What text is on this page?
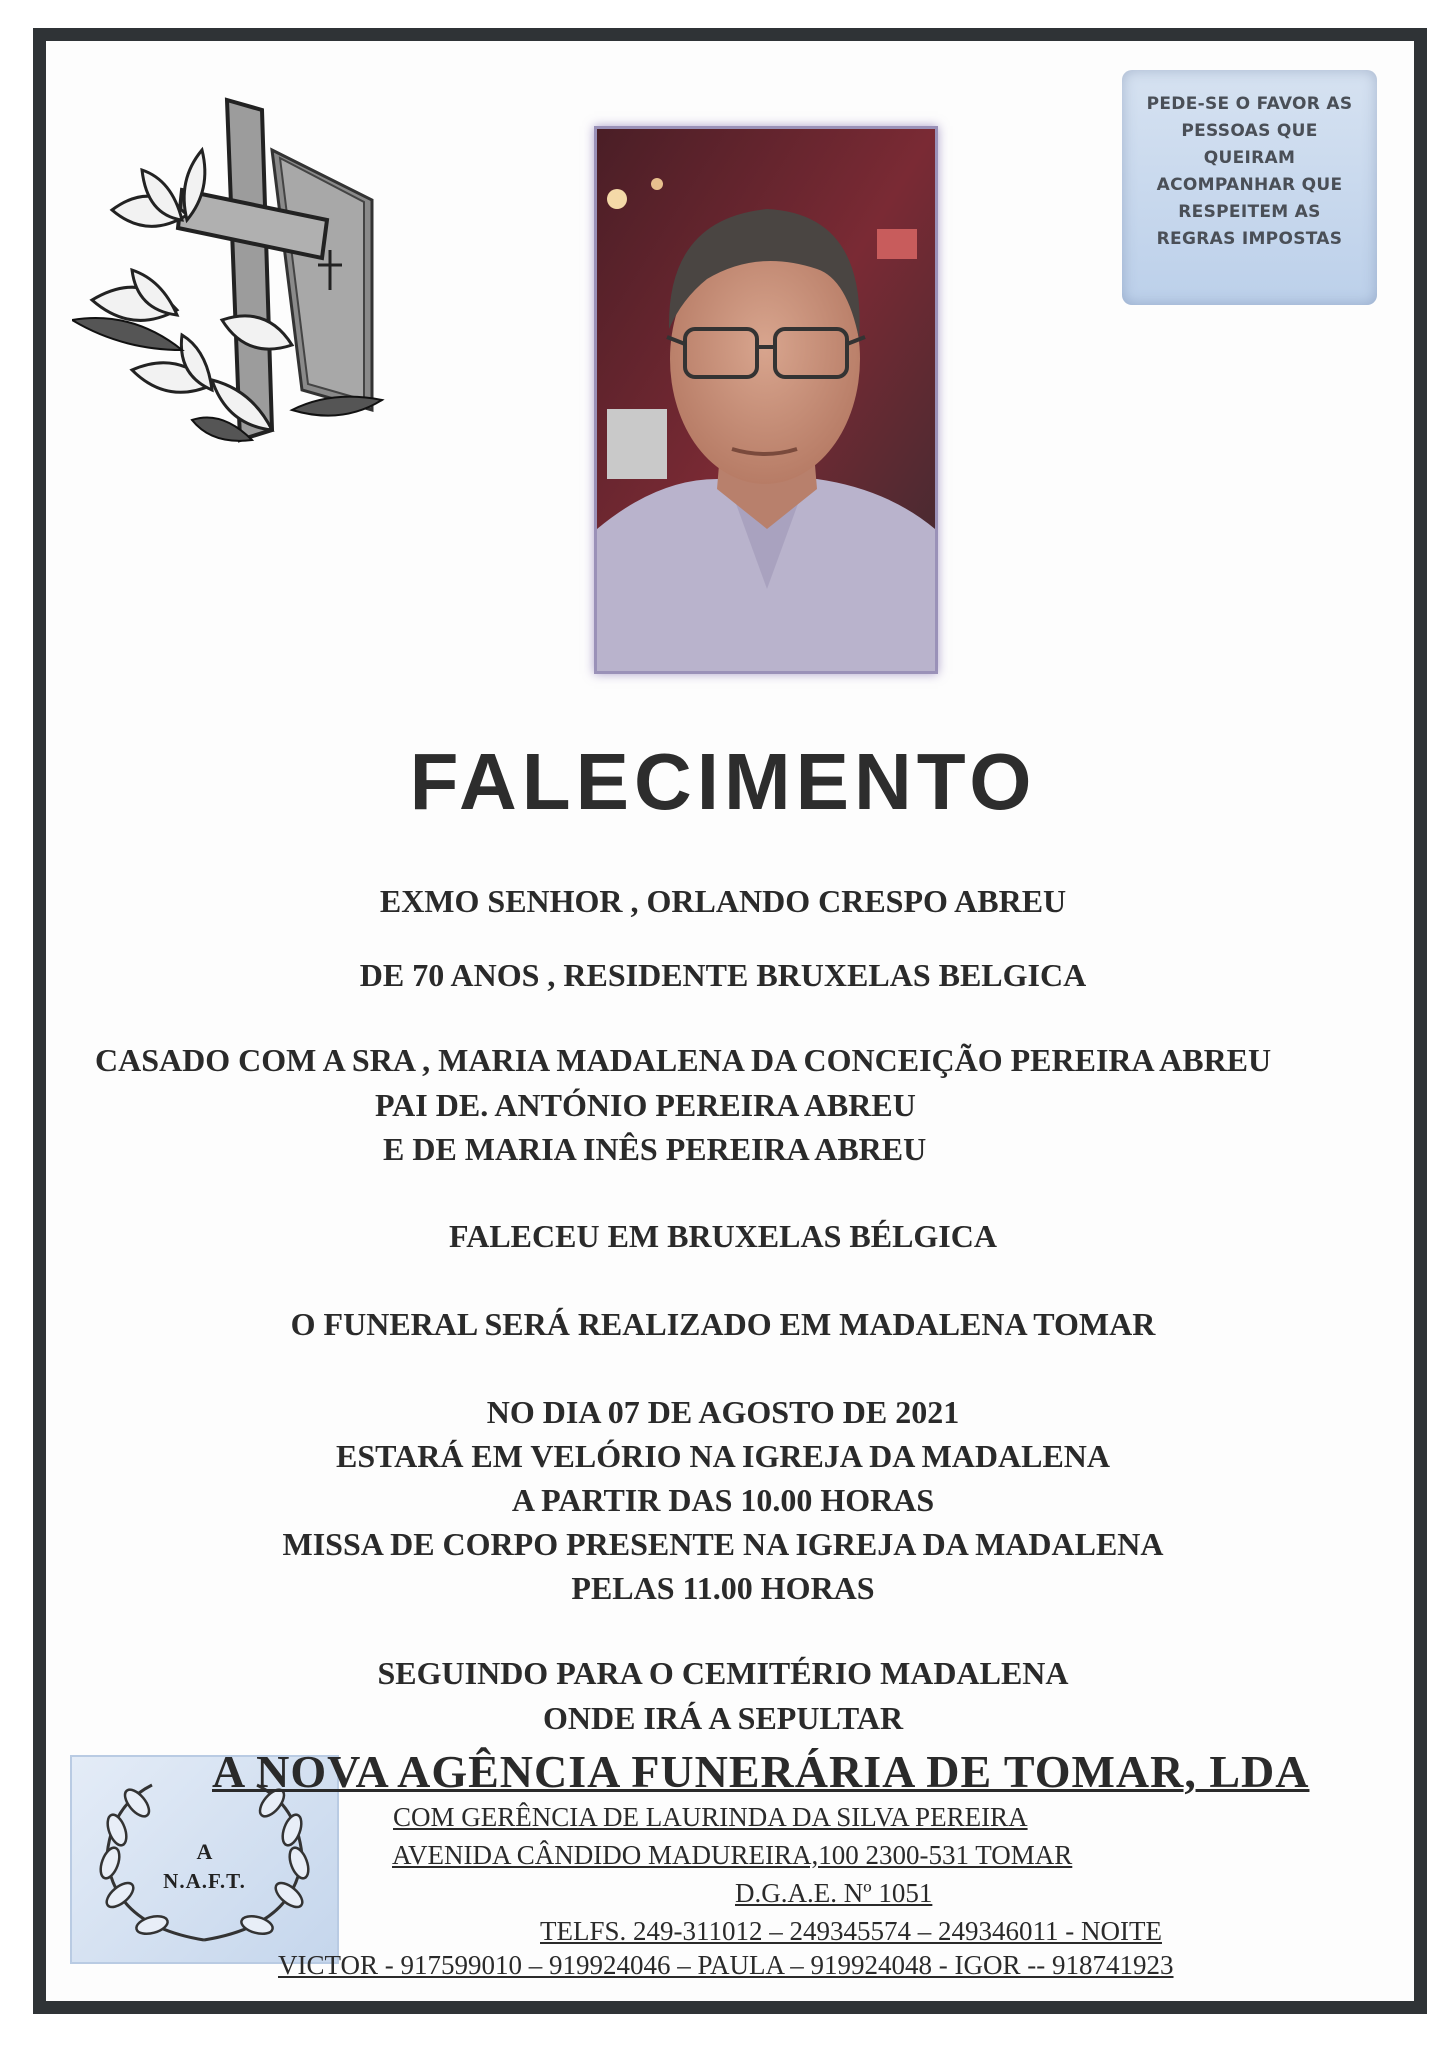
PEDE-SE O FAVOR AS
PESSOAS QUE
QUEIRAM
ACOMPANHAR QUE
RESPEITEM AS
REGRAS IMPOSTAS
FALECIMENTO
EXMO SENHOR , ORLANDO CRESPO ABREU
DE 70 ANOS , RESIDENTE BRUXELAS BELGICA
CASADO COM A SRA , MARIA MADALENA DA CONCEIÇÃO PEREIRA ABREU
PAI DE. ANTÓNIO PEREIRA ABREU
E DE MARIA INÊS PEREIRA ABREU
FALECEU EM BRUXELAS BÉLGICA
O FUNERAL SERÁ REALIZADO EM MADALENA TOMAR
NO DIA 07 DE AGOSTO DE 2021
ESTARÁ EM VELÓRIO NA IGREJA DA MADALENA
A PARTIR DAS 10.00 HORAS
MISSA DE CORPO PRESENTE NA IGREJA DA MADALENA
PELAS 11.00 HORAS
SEGUINDO PARA O CEMITÉRIO MADALENA
ONDE IRÁ A SEPULTAR
A
N.A.F.T.
A NOVA AGÊNCIA FUNERÁRIA DE TOMAR, LDA
COM GERÊNCIA DE LAURINDA DA SILVA PEREIRA
AVENIDA CÂNDIDO MADUREIRA,100 2300-531 TOMAR
D.G.A.E. Nº 1051
TELFS. 249-311012 – 249345574 – 249346011 - NOITE
VICTOR - 917599010 – 919924046 – PAULA – 919924048 - IGOR -- 918741923
